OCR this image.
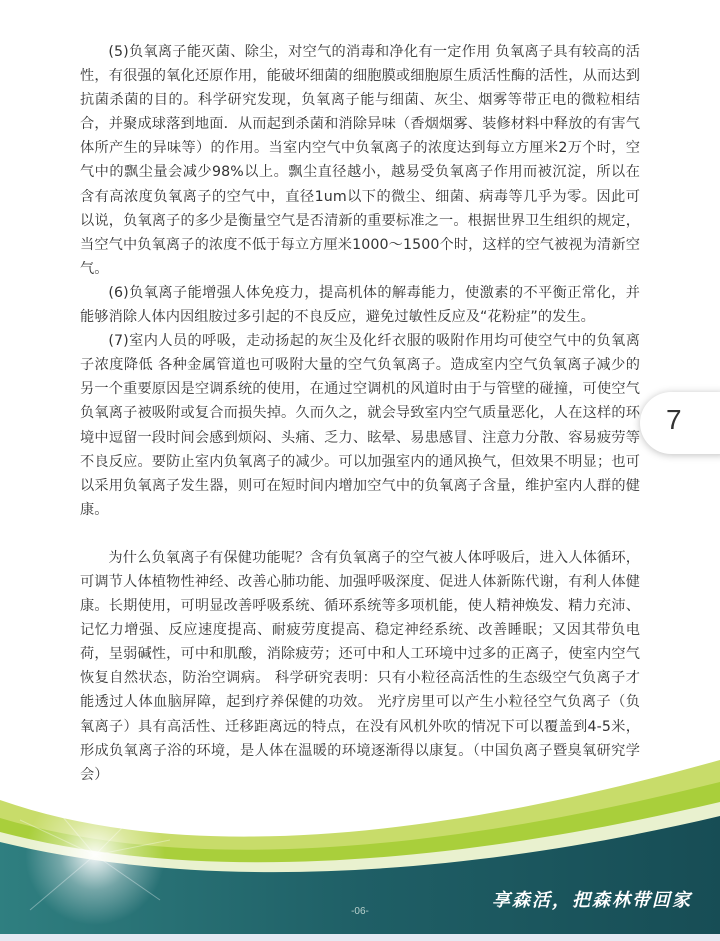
(5)负氧离子能灭菌、除尘，对空气的消毒和净化有一定作用 负氧离子具有较高的活性，有很强的氧化还原作用，能破坏细菌的细胞膜或细胞原生质活性酶的活性，从而达到抗菌杀菌的目的。科学研究发现，负氧离子能与细菌、灰尘、烟雾等带正电的微粒相结合，并聚成球落到地面．从而起到杀菌和消除异味（香烟烟雾、装修材料中释放的有害气体所产生的异味等）的作用。当室内空气中负氧离子的浓度达到每立方厘米2万个时，空气中的飘尘量会减少98%以上。飘尘直径越小，越易受负氧离子作用而被沉淀，所以在含有高浓度负氧离子的空气中，直径1um以下的微尘、细菌、病毒等几乎为零。因此可以说，负氧离子的多少是衡量空气是否清新的重要标准之一。根据世界卫生组织的规定，当空气中负氧离子的浓度不低于每立方厘米1000～1500个时，这样的空气被视为清新空气。

(6)负氧离子能增强人体免疫力，提高机体的解毒能力，使激素的不平衡正常化，并能够消除人体内因组胺过多引起的不良反应，避免过敏性反应及“花粉症”的发生。

(7)室内人员的呼吸，走动扬起的灰尘及化纤衣服的吸附作用均可使空气中的负氧离子浓度降低 各种金属管道也可吸附大量的空气负氧离子。造成室内空气负氧离子减少的另一个重要原因是空调系统的使用，在通过空调机的风道时由于与管壁的碰撞，可使空气负氧离子被吸附或复合而损失掉。久而久之，就会导致室内空气质量恶化，人在这样的环境中逗留一段时间会感到烦闷、头痛、乏力、眩晕、易患感冒、注意力分散、容易疲劳等不良反应。要防止室内负氧离子的减少。可以加强室内的通风换气，但效果不明显；也可以采用负氧离子发生器，则可在短时间内增加空气中的负氧离子含量，维护室内人群的健康。

为什么负氧离子有保健功能呢？含有负氧离子的空气被人体呼吸后，进入人体循环，可调节人体植物性神经、改善心肺功能、加强呼吸深度、促进人体新陈代谢，有利人体健康。长期使用，可明显改善呼吸系统、循环系统等多项机能，使人精神焕发、精力充沛、记忆力增强、反应速度提高、耐疲劳度提高、稳定神经系统、改善睡眠；又因其带负电荷，呈弱碱性，可中和肌酸，消除疲劳；还可中和人工环境中过多的正离子，使室内空气恢复自然状态，防治空调病。 科学研究表明：只有小粒径高活性的生态级空气负离子才能透过人体血脑屏障，起到疗养保健的功效。 光疗房里可以产生小粒径空气负离子（负氧离子）具有高活性、迁移距离远的特点，在没有风机外吹的情况下可以覆盖到4-5米，形成负氧离子浴的环境，是人体在温暖的环境逐渐得以康复。（中国负离子暨臭氧研究学会）

7
享森活，把森林带回家
-06-
